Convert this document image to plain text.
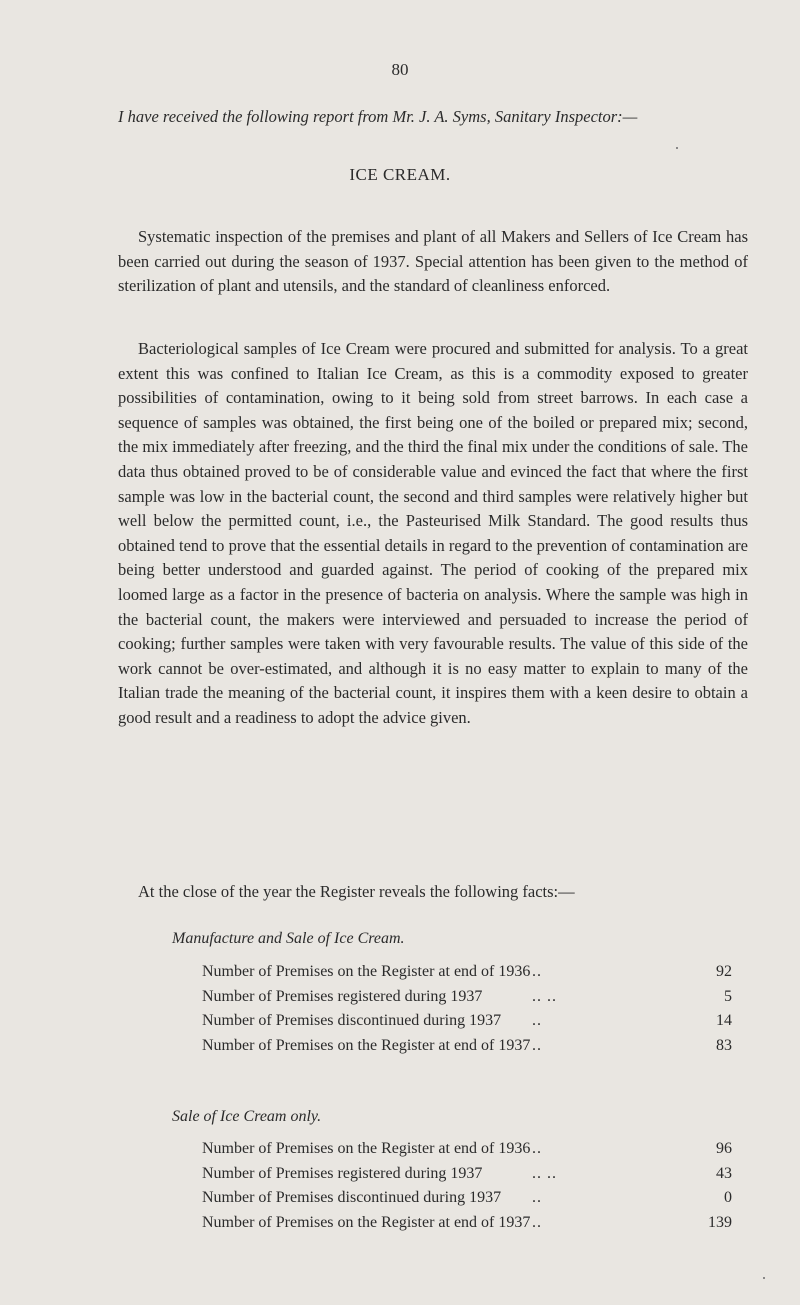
80
I have received the following report from Mr. J. A. Syms, Sanitary Inspector:—
ICE CREAM.

Systematic inspection of the premises and plant of all Makers and Sellers of Ice Cream has been carried out during the season of 1937. Special attention has been given to the method of sterilization of plant and utensils, and the standard of cleanliness enforced.

Bacteriological samples of Ice Cream were procured and submitted for analysis. To a great extent this was confined to Italian Ice Cream, as this is a commodity exposed to greater possibilities of contamination, owing to it being sold from street barrows. In each case a sequence of samples was obtained, the first being one of the boiled or prepared mix; second, the mix immediately after freezing, and the third the final mix under the conditions of sale. The data thus obtained proved to be of considerable value and evinced the fact that where the first sample was low in the bacterial count, the second and third samples were relatively higher but well below the permitted count, i.e., the Pasteurised Milk Standard. The good results thus obtained tend to prove that the essential details in regard to the prevention of contamination are being better understood and guarded against. The period of cooking of the prepared mix loomed large as a factor in the presence of bacteria on analysis. Where the sample was high in the bacterial count, the makers were interviewed and persuaded to increase the period of cooking; further samples were taken with very favourable results. The value of this side of the work cannot be over-estimated, and although it is no easy matter to explain to many of the Italian trade the meaning of the bacterial count, it inspires them with a keen desire to obtain a good result and a readiness to adopt the advice given.

At the close of the year the Register reveals the following facts:—

Manufacture and Sale of Ice Cream.
Number of Premises on the Register at end of 1936 ..	92
Number of Premises registered during 1937	.. ..	5
Number of Premises discontinued during 1937	..	14
Number of Premises on the Register at end of 1937 ..	83
Sale of Ice Cream only.
Number of Premises on the Register at end of 1936 ..	96
Number of Premises registered during 1937	.. ..	43
Number of Premises discontinued during 1937	..	0
Number of Premises on the Register at end of 1937 ..	139
